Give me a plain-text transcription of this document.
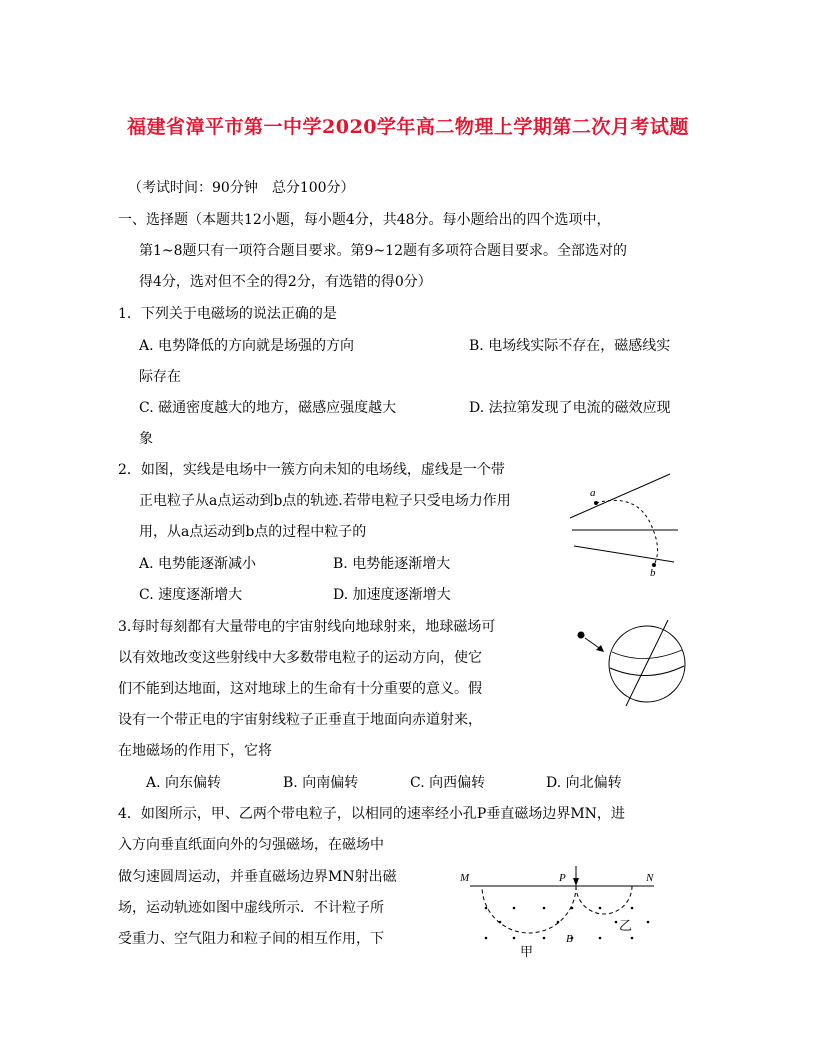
福建省漳平市第一中学2020学年高二物理上学期第二次月考试题
（考试时间：90分钟　总分100分）
一、选择题（本题共12小题，每小题4分，共48分。每小题给出的四个选项中，
第1~8题只有一项符合题目要求。第9~12题有多项符合题目要求。全部选对的
得4分，选对但不全的得2分，有选错的得0分）
1．下列关于电磁场的说法正确的是
A. 电势降低的方向就是场强的方向	B. 电场线实际不存在，磁感线实
际存在
C. 磁通密度越大的地方，磁感应强度越大	D. 法拉第发现了电流的磁效应现
象
2．如图，实线是电场中一簇方向未知的电场线，虚线是一个带
正电粒子从a点运动到b点的轨迹.若带电粒子只受电场力作用
用，从a点运动到b点的过程中粒子的
A. 电势能逐渐减小	B. 电势能逐渐增大
C. 速度逐渐增大	D. 加速度逐渐增大
a
b
3.每时每刻都有大量带电的宇宙射线向地球射来，地球磁场可
以有效地改变这些射线中大多数带电粒子的运动方向，使它
们不能到达地面，这对地球上的生命有十分重要的意义。假
设有一个带正电的宇宙射线粒子正垂直于地面向赤道射来，
在地磁场的作用下，它将
A. 向东偏转	B. 向南偏转	C. 向西偏转	D. 向北偏转
4．如图所示，甲、乙两个带电粒子，以相同的速率经小孔P垂直磁场边界MN，进
入方向垂直纸面向外的匀强磁场，在磁场中
做匀速圆周运动，并垂直磁场边界MN射出磁
场，运动轨迹如图中虚线所示．不计粒子所
受重力、空气阻力和粒子间的相互作用，下
M	P	N
B
甲
乙
